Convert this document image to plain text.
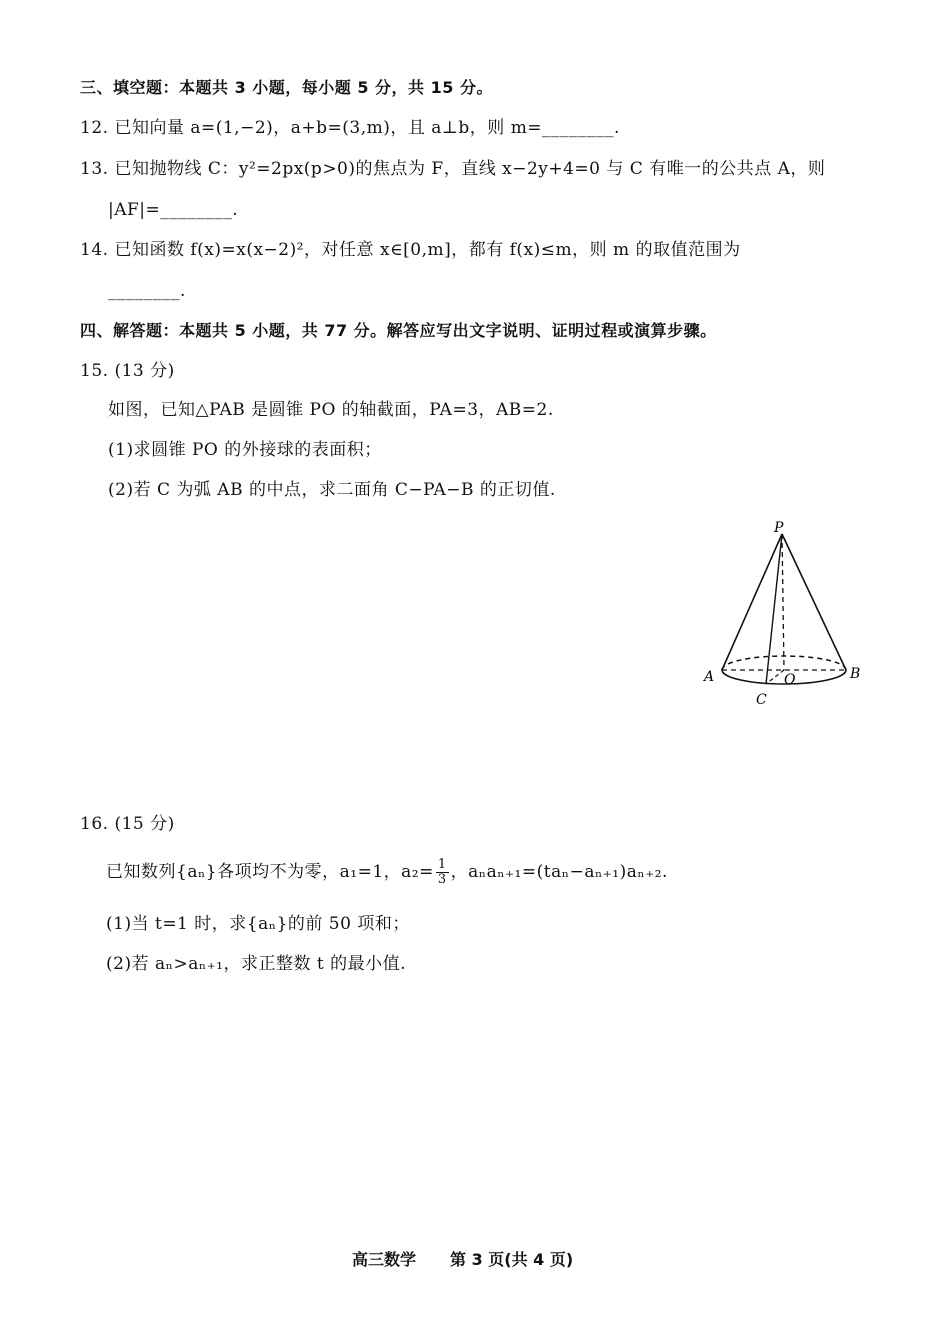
三、填空题：本题共 3 小题，每小题 5 分，共 15 分。
12. 已知向量 a=(1,−2)，a+b=(3,m)，且 a⊥b，则 m=________.
13. 已知抛物线 C：y²=2px(p>0)的焦点为 F，直线 x−2y+4=0 与 C 有唯一的公共点 A，则
|AF|=________.
14. 已知函数 f(x)=x(x−2)²，对任意 x∈[0,m]，都有 f(x)≤m，则 m 的取值范围为
________.
四、解答题：本题共 5 小题，共 77 分。解答应写出文字说明、证明过程或演算步骤。
15. (13 分)
如图，已知△PAB 是圆锥 PO 的轴截面，PA=3，AB=2.
(1)求圆锥 PO 的外接球的表面积；
(2)若 C 为弧 AB 的中点，求二面角 C−PA−B 的正切值.
P
A	B
O
C
16. (15 分)
已知数列{aₙ}各项均不为零，a₁=1，$a_2= \frac{1}{3}$ ，aₙaₙ₊₁=(taₙ−aₙ₊₁)aₙ₊₂.
(1)当 t=1 时，求{aₙ}的前 50 项和；
(2)若 aₙ>aₙ₊₁，求正整数 t 的最小值.
高三数学 第 3 页(共 4 页)
